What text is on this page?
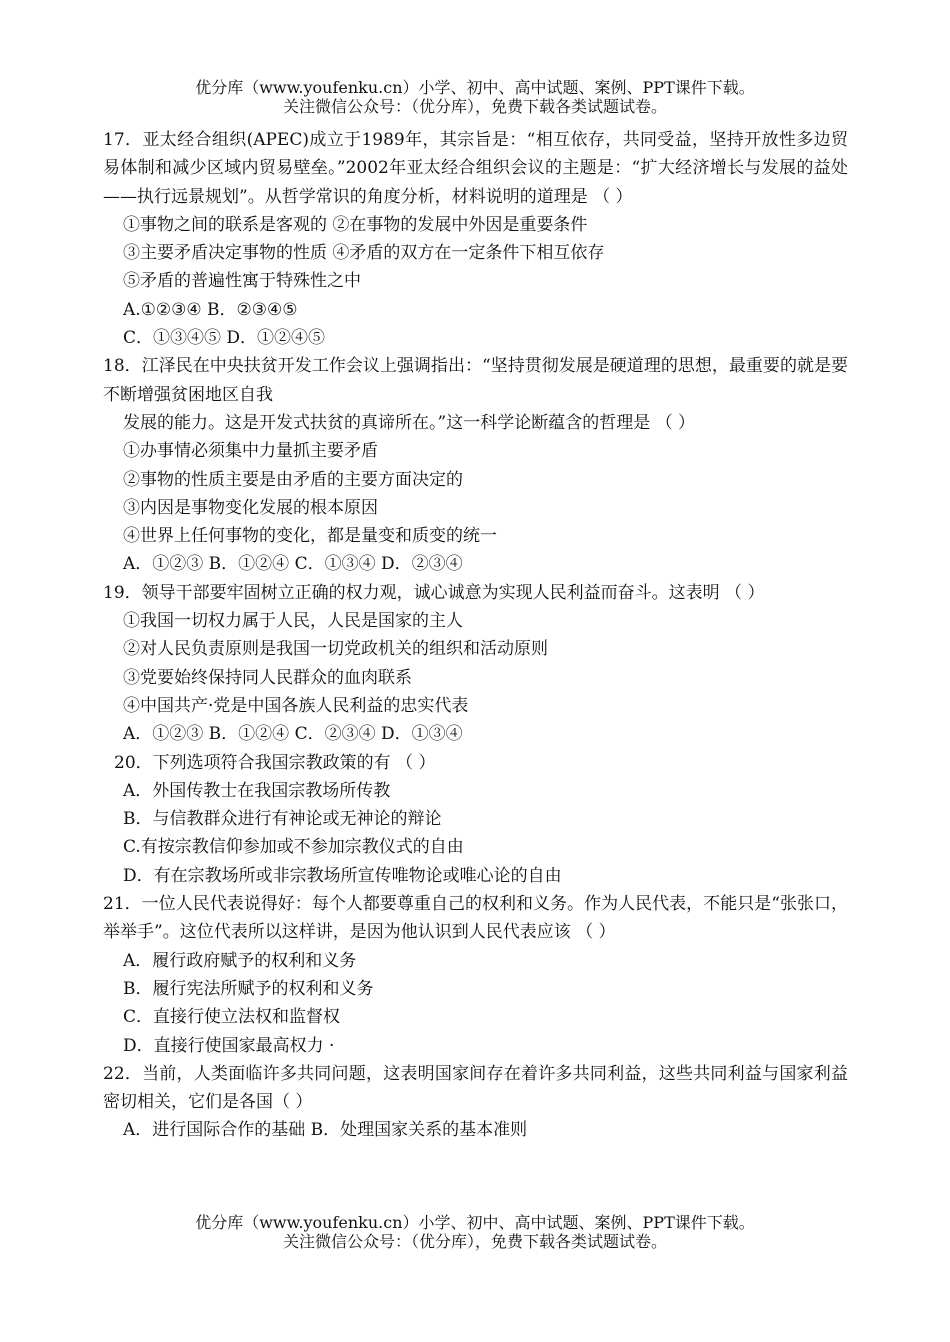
优分库（www.youfenku.cn）小学、初中、高中试题、案例、PPT课件下载。
关注微信公众号：（优分库），免费下载各类试题试卷。

17．亚太经合组织(APEC)成立于1989年，其宗旨是：“相互依存，共同受益，坚持开放性多边贸易体制和减少区域内贸易壁垒。”2002年亚太经合组织会议的主题是：“扩大经济增长与发展的益处——执行远景规划”。从哲学常识的角度分析，材料说明的道理是 （ ）

①事物之间的联系是客观的 ②在事物的发展中外因是重要条件

③主要矛盾决定事物的性质 ④矛盾的双方在一定条件下相互依存

⑤矛盾的普遍性寓于特殊性之中

A.①②③④ B．②③④⑤

C．①③④⑤ D．①②④⑤

18．江泽民在中央扶贫开发工作会议上强调指出：“坚持贯彻发展是硬道理的思想，最重要的就是要不断增强贫困地区自我

发展的能力。这是开发式扶贫的真谛所在。”这一科学论断蕴含的哲理是 （ ）

①办事情必须集中力量抓主要矛盾

②事物的性质主要是由矛盾的主要方面决定的

③内因是事物变化发展的根本原因

④世界上任何事物的变化，都是量变和质变的统一

A．①②③ B．①②④ C．①③④ D．②③④

19．领导干部要牢固树立正确的权力观，诚心诚意为实现人民利益而奋斗。这表明 （ ）

①我国一切权力属于人民，人民是国家的主人

②对人民负责原则是我国一切党政机关的组织和活动原则

③党要始终保持同人民群众的血肉联系

④中国共产·党是中国各族人民利益的忠实代表

A．①②③ B．①②④ C．②③④ D．①③④

20．下列选项符合我国宗教政策的有 （ ）

A．外国传教士在我国宗教场所传教

B．与信教群众进行有神论或无神论的辩论

C.有按宗教信仰参加或不参加宗教仪式的自由

D．有在宗教场所或非宗教场所宣传唯物论或唯心论的自由

21．一位人民代表说得好：每个人都要尊重自己的权利和义务。作为人民代表，不能只是“张张口，举举手”。这位代表所以这样讲，是因为他认识到人民代表应该 （ ）

A．履行政府赋予的权利和义务

B．履行宪法所赋予的权利和义务

C．直接行使立法权和监督权

D．直接行使国家最高权力 ·

22．当前，人类面临许多共同问题，这表明国家间存在着许多共同利益，这些共同利益与国家利益密切相关，它们是各国（ ）

A．进行国际合作的基础 B．处理国家关系的基本准则

优分库（www.youfenku.cn）小学、初中、高中试题、案例、PPT课件下载。
关注微信公众号：（优分库），免费下载各类试题试卷。
